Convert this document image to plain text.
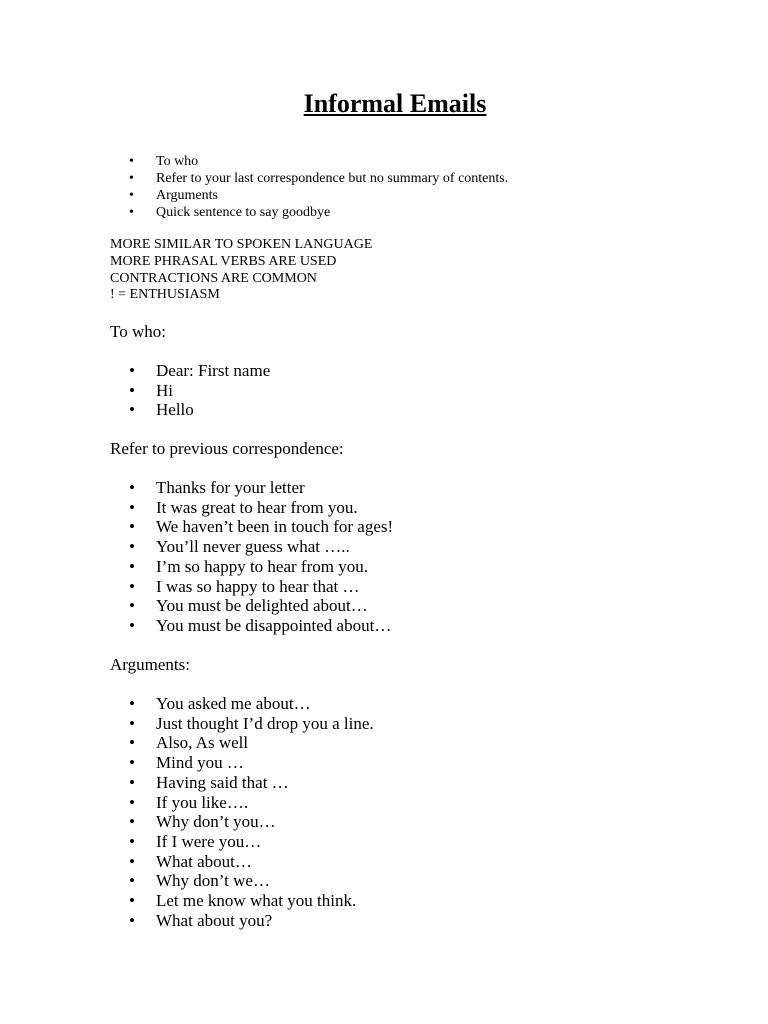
Informal Emails
• To who
• Refer to your last correspondence but no summary of contents.
• Arguments
• Quick sentence to say goodbye
MORE SIMILAR TO SPOKEN LANGUAGE
MORE PHRASAL VERBS ARE USED
CONTRACTIONS ARE COMMON
! = ENTHUSIASM

To who:

• Dear: First name
• Hi
• Hello

Refer to previous correspondence:

• Thanks for your letter
• It was great to hear from you.
• We haven’t been in touch for ages!
• You’ll never guess what …..
• I’m so happy to hear from you.
• I was so happy to hear that …
• You must be delighted about…
• You must be disappointed about…

Arguments:

• You asked me about…
• Just thought I’d drop you a line.
• Also, As well
• Mind you …
• Having said that …
• If you like….
• Why don’t you…
• If I were you…
• What about…
• Why don’t we…
• Let me know what you think.
• What about you?
